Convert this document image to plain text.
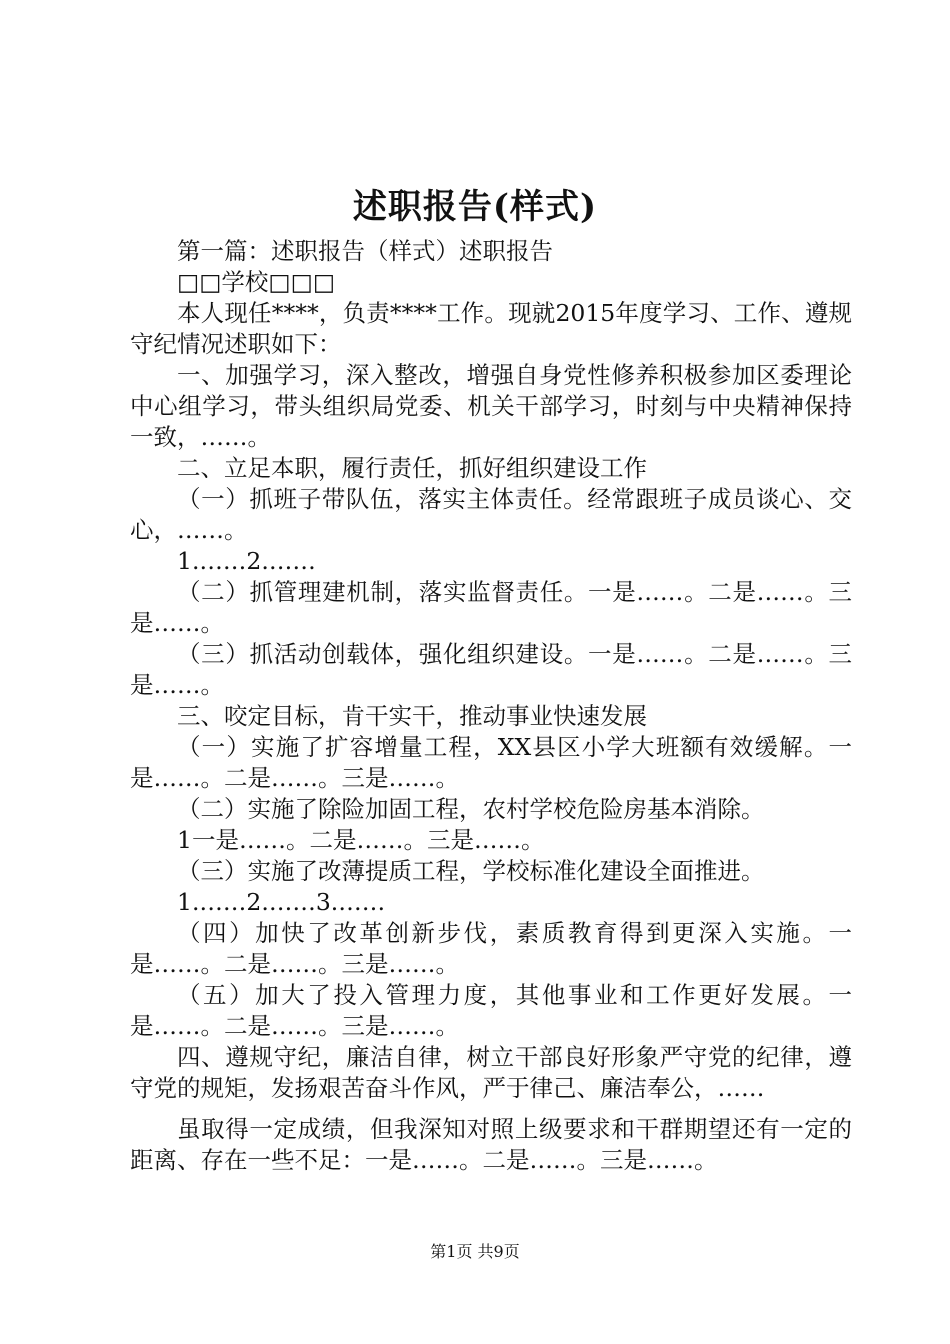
述职报告(样式)

第一篇：述职报告（样式）述职报告

□□学校□□□

本人现任****，负责****工作。现就2015年度学习、工作、遵规守纪情况述职如下：

一、加强学习，深入整改，增强自身党性修养积极参加区委理论中心组学习，带头组织局党委、机关干部学习，时刻与中央精神保持一致，……。

二、立足本职，履行责任，抓好组织建设工作

（一）抓班子带队伍，落实主体责任。经常跟班子成员谈心、交心，……。

1.……2.……

（二）抓管理建机制，落实监督责任。一是……。二是……。三是……。

（三）抓活动创载体，强化组织建设。一是……。二是……。三是……。

三、咬定目标，肯干实干，推动事业快速发展

（一）实施了扩容增量工程，XX县区小学大班额有效缓解。一是……。二是……。三是……。

（二）实施了除险加固工程，农村学校危险房基本消除。

1一是……。二是……。三是……。

（三）实施了改薄提质工程，学校标准化建设全面推进。

1.……2.……3.……

（四）加快了改革创新步伐，素质教育得到更深入实施。一是……。二是……。三是……。

（五）加大了投入管理力度，其他事业和工作更好发展。一是……。二是……。三是……。

四、遵规守纪，廉洁自律，树立干部良好形象严守党的纪律，遵守党的规矩，发扬艰苦奋斗作风，严于律己、廉洁奉公，……

虽取得一定成绩，但我深知对照上级要求和干群期望还有一定的距离、存在一些不足：一是……。二是……。三是……。

第1页 共9页
